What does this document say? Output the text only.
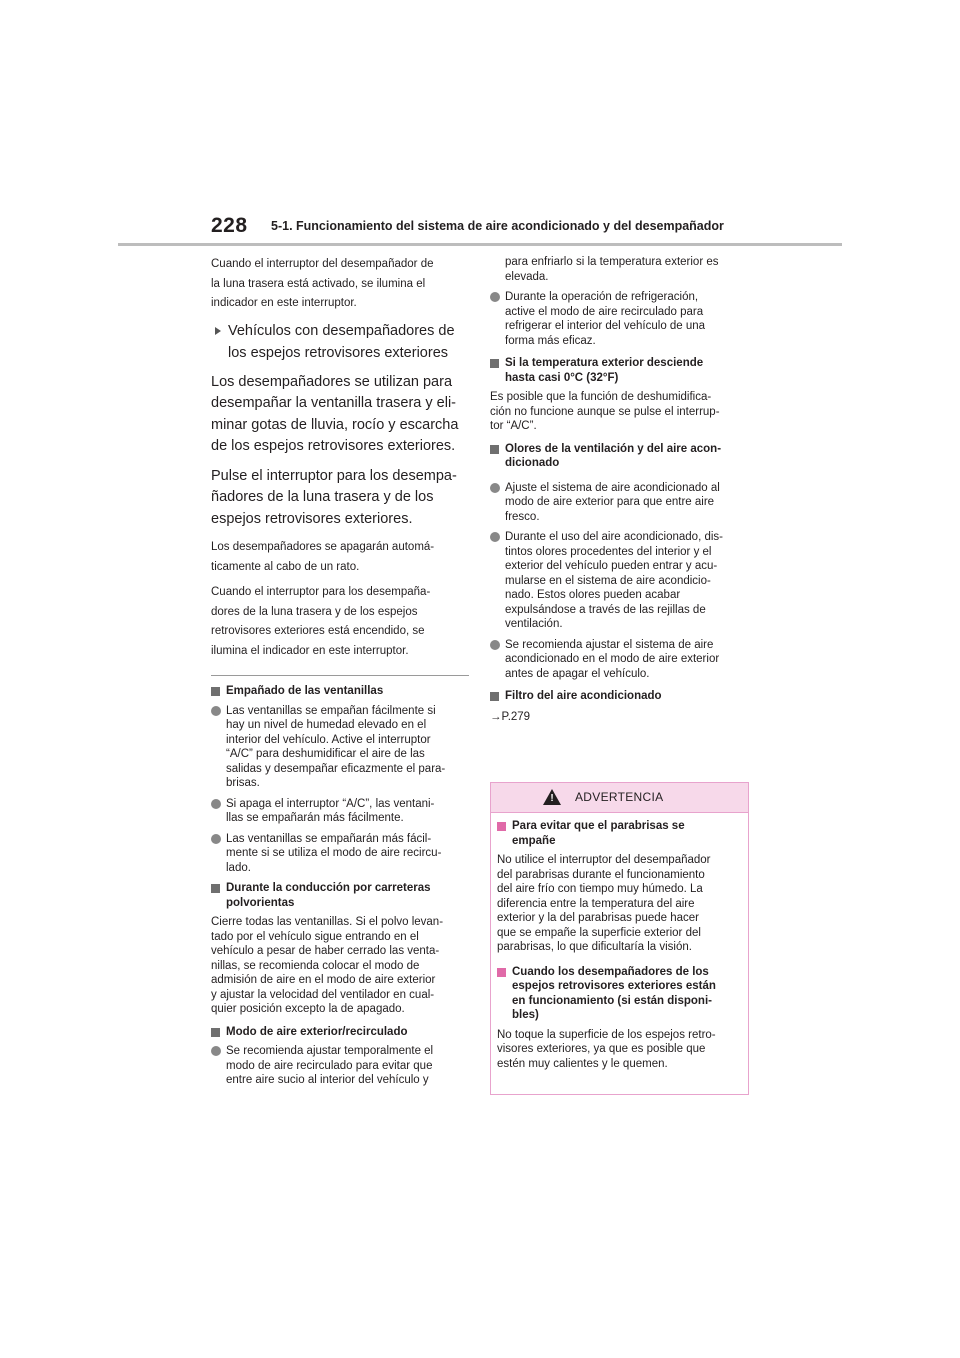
228 5-1. Funcionamiento del sistema de aire acondicionado y del desempañador

Cuando el interruptor del desempañador de
la luna trasera está activado, se ilumina el
indicador en este interruptor.

Vehículos con desempañadores de
los espejos retrovisores exteriores

Los desempañadores se utilizan para
desempañar la ventanilla trasera y eli-
minar gotas de lluvia, rocío y escarcha
de los espejos retrovisores exteriores.

Pulse el interruptor para los desempa-
ñadores de la luna trasera y de los
espejos retrovisores exteriores.

Los desempañadores se apagarán automá-
ticamente al cabo de un rato.

Cuando el interruptor para los desempaña-
dores de la luna trasera y de los espejos
retrovisores exteriores está encendido, se
ilumina el indicador en este interruptor.

Empañado de las ventanillas
Las ventanillas se empañan fácilmente si
hay un nivel de humedad elevado en el
interior del vehículo. Active el interruptor
“A/C” para deshumidificar el aire de las
salidas y desempañar eficazmente el para-
brisas.
Si apaga el interruptor “A/C”, las ventani-
llas se empañarán más fácilmente.
Las ventanillas se empañarán más fácil-
mente si se utiliza el modo de aire recircu-
lado.
Durante la conducción por carreteras
polvorientas

Cierre todas las ventanillas. Si el polvo levan-
tado por el vehículo sigue entrando en el
vehículo a pesar de haber cerrado las venta-
nillas, se recomienda colocar el modo de
admisión de aire en el modo de aire exterior
y ajustar la velocidad del ventilador en cual-
quier posición excepto la de apagado.

Modo de aire exterior/recirculado
Se recomienda ajustar temporalmente el
modo de aire recirculado para evitar que
entre aire sucio al interior del vehículo y
para enfriarlo si la temperatura exterior es
elevada.
Durante la operación de refrigeración,
active el modo de aire recirculado para
refrigerar el interior del vehículo de una
forma más eficaz.
Si la temperatura exterior desciende
hasta casi 0°C (32°F)

Es posible que la función de deshumidifica-
ción no funcione aunque se pulse el interrup-
tor “A/C”.

Olores de la ventilación y del aire acon-
dicionado
Ajuste el sistema de aire acondicionado al
modo de aire exterior para que entre aire
fresco.
Durante el uso del aire acondicionado, dis-
tintos olores procedentes del interior y el
exterior del vehículo pueden entrar y acu-
mularse en el sistema de aire acondicio-
nado. Estos olores pueden acabar
expulsándose a través de las rejillas de
ventilación.
Se recomienda ajustar el sistema de aire
acondicionado en el modo de aire exterior
antes de apagar el vehículo.
Filtro del aire acondicionado

→P.279

! ADVERTENCIA
Para evitar que el parabrisas se
empañe

No utilice el interruptor del desempañador
del parabrisas durante el funcionamiento
del aire frío con tiempo muy húmedo. La
diferencia entre la temperatura del aire
exterior y la del parabrisas puede hacer
que se empañe la superficie exterior del
parabrisas, lo que dificultaría la visión.

Cuando los desempañadores de los
espejos retrovisores exteriores están
en funcionamiento (si están disponi-
bles)

No toque la superficie de los espejos retro-
visores exteriores, ya que es posible que
estén muy calientes y le quemen.
